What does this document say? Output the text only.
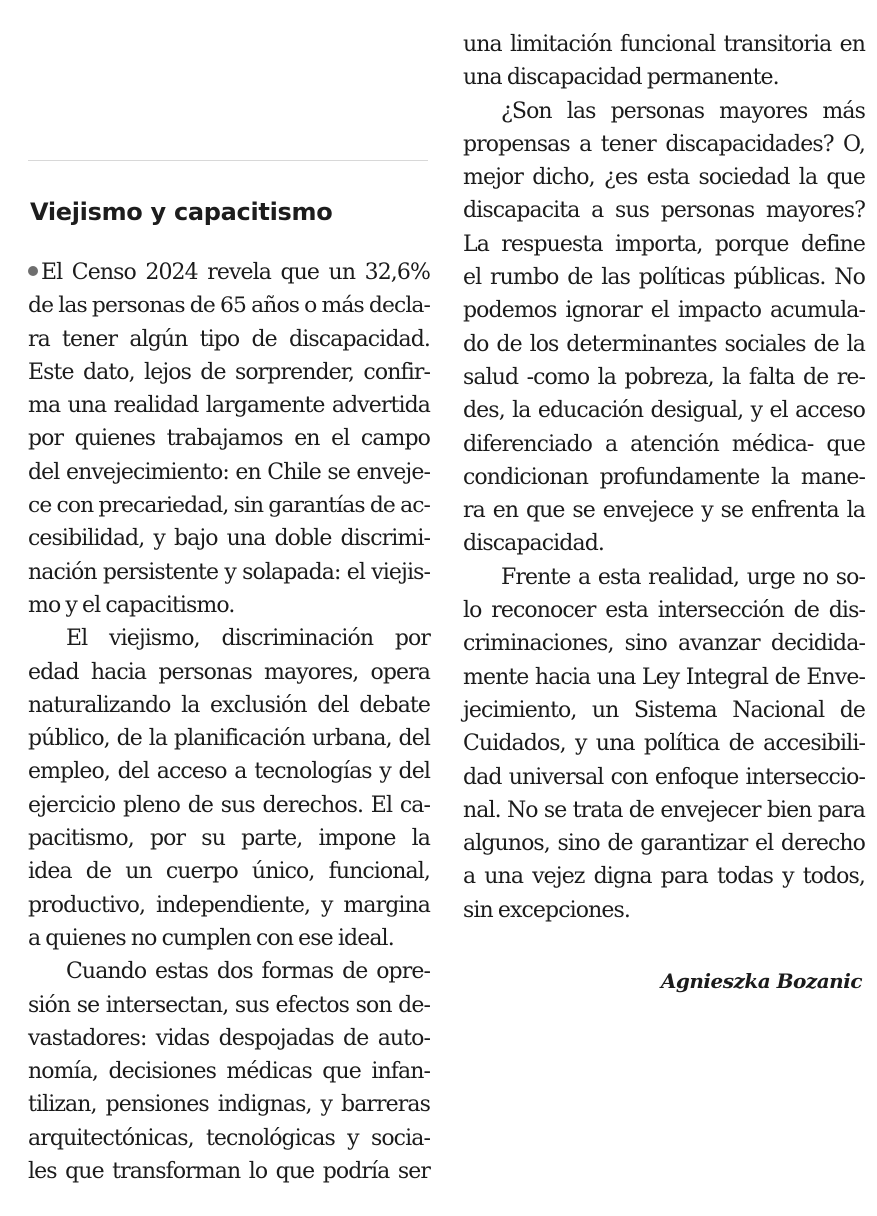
Viejismo y capacitismo
El Censo 2024 revela que un 32,6%
de las personas de 65 años o más decla-
ra tener algún tipo de discapacidad.
Este dato, lejos de sorprender, confir-
ma una realidad largamente advertida
por quienes trabajamos en el campo
del envejecimiento: en Chile se enveje-
ce con precariedad, sin garantías de ac-
cesibilidad, y bajo una doble discrimi-
nación persistente y solapada: el viejis-
mo y el capacitismo.
El viejismo, discriminación por
edad hacia personas mayores, opera
naturalizando la exclusión del debate
público, de la planificación urbana, del
empleo, del acceso a tecnologías y del
ejercicio pleno de sus derechos. El ca-
pacitismo, por su parte, impone la
idea de un cuerpo único, funcional,
productivo, independiente, y margina
a quienes no cumplen con ese ideal.
Cuando estas dos formas de opre-
sión se intersectan, sus efectos son de-
vastadores: vidas despojadas de auto-
nomía, decisiones médicas que infan-
tilizan, pensiones indignas, y barreras
arquitectónicas, tecnológicas y socia-
les que transforman lo que podría ser
una limitación funcional transitoria en
una discapacidad permanente.
¿Son las personas mayores más
propensas a tener discapacidades? O,
mejor dicho, ¿es esta sociedad la que
discapacita a sus personas mayores?
La respuesta importa, porque define
el rumbo de las políticas públicas. No
podemos ignorar el impacto acumula-
do de los determinantes sociales de la
salud -como la pobreza, la falta de re-
des, la educación desigual, y el acceso
diferenciado a atención médica- que
condicionan profundamente la mane-
ra en que se envejece y se enfrenta la
discapacidad.
Frente a esta realidad, urge no so-
lo reconocer esta intersección de dis-
criminaciones, sino avanzar decidida-
mente hacia una Ley Integral de Enve-
jecimiento, un Sistema Nacional de
Cuidados, y una política de accesibili-
dad universal con enfoque interseccio-
nal. No se trata de envejecer bien para
algunos, sino de garantizar el derecho
a una vejez digna para todas y todos,
sin excepciones.
Agnieszka Bozanic
